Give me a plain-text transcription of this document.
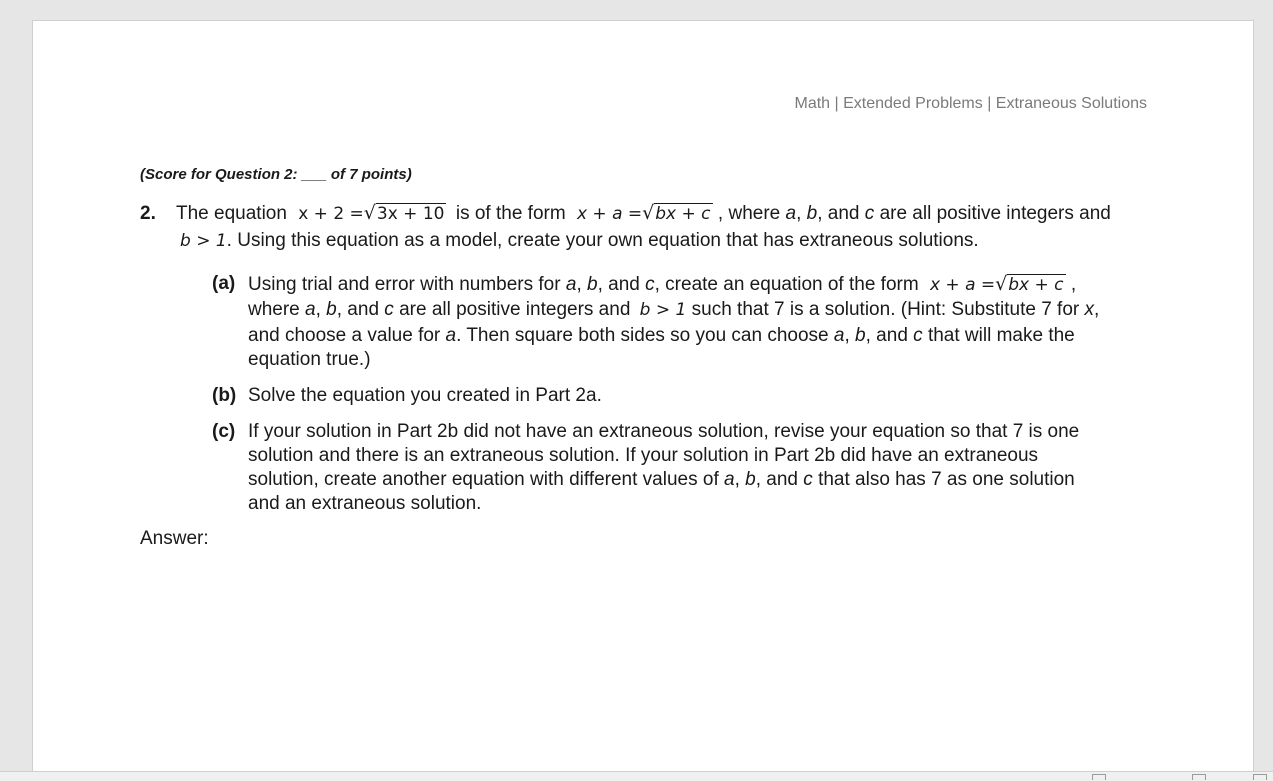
Math | Extended Problems | Extraneous Solutions
(Score for Question 2: ___ of 7 points)
2. The equation x + 2 =√3x + 10 is of the form x + a =√bx + c , where a, b, and c are all positive integers and
b > 1. Using this equation as a model, create your own equation that has extraneous solutions.
(a) Using trial and error with numbers for a, b, and c, create an equation of the form x + a =√bx + c ,
where a, b, and c are all positive integers and b > 1 such that 7 is a solution. (Hint: Substitute 7 for x,
and choose a value for a. Then square both sides so you can choose a, b, and c that will make the
equation true.)
(b) Solve the equation you created in Part 2a.
(c) If your solution in Part 2b did not have an extraneous solution, revise your equation so that 7 is one
solution and there is an extraneous solution. If your solution in Part 2b did have an extraneous
solution, create another equation with different values of a, b, and c that also has 7 as one solution
and an extraneous solution.
Answer:
